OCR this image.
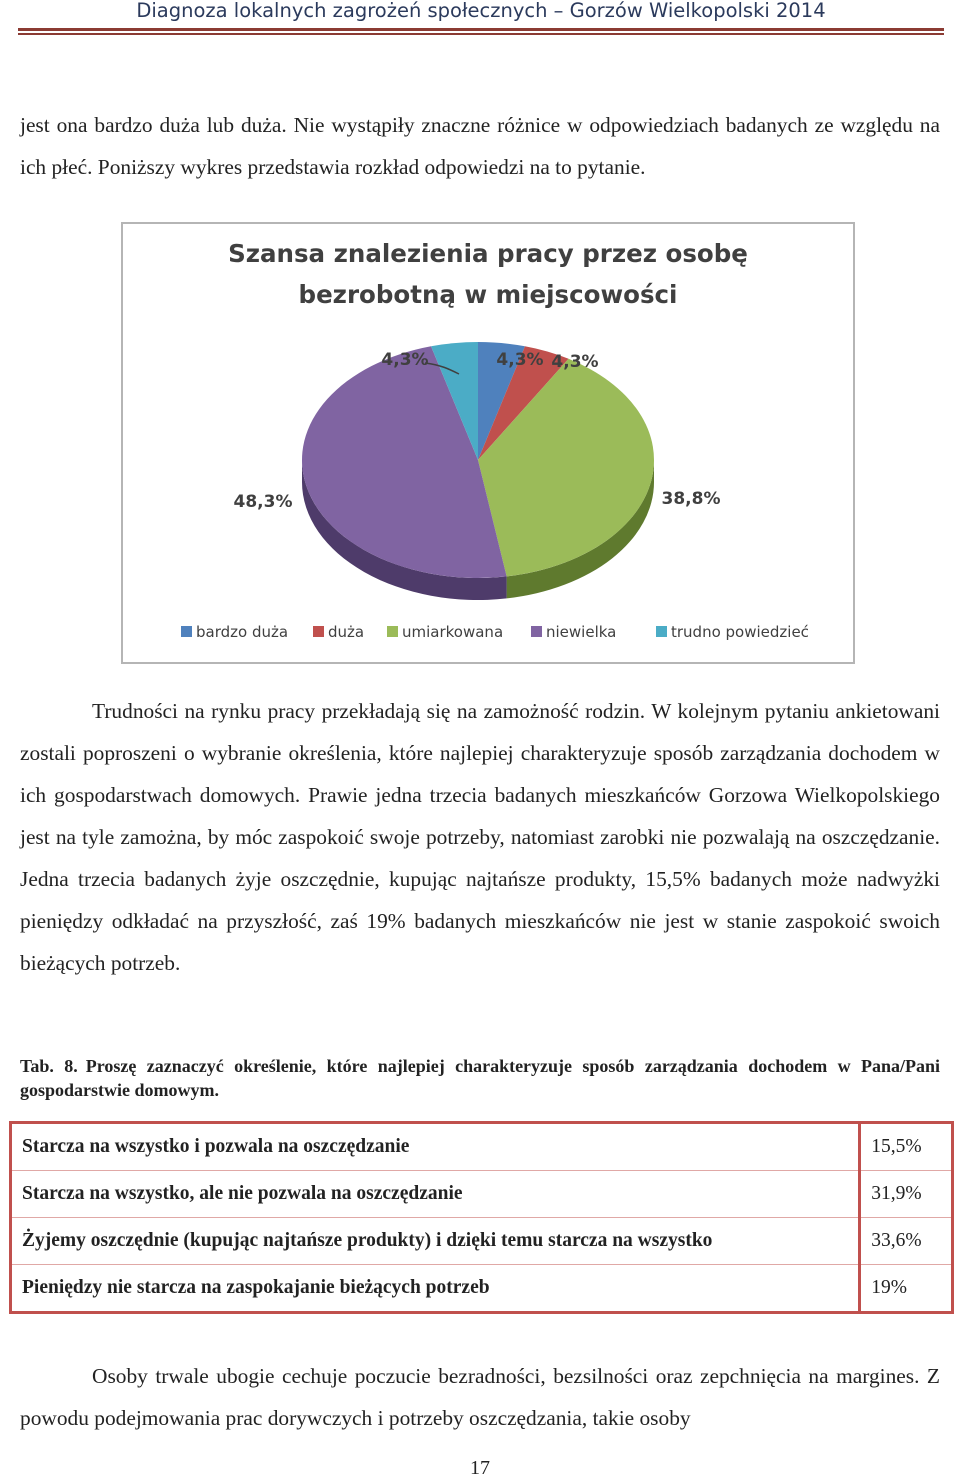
Diagnoza lokalnych zagrożeń społecznych – Gorzów Wielkopolski 2014

jest ona bardzo duża lub duża. Nie wystąpiły znaczne różnice w odpowiedziach badanych ze względu na ich płeć. Poniższy wykres przedstawia rozkład odpowiedzi na to pytanie.

Szansa znalezienia pracy przez osobę
bezrobotną w miejscowości
4,3% 4,3%
38,8%
48,3%
4,3%
bardzo duża	duża	umiarkowana	niewielka	trudno powiedzieć

Trudności na rynku pracy przekładają się na zamożność rodzin. W kolejnym pytaniu ankietowani zostali poproszeni o wybranie określenia, które najlepiej charakteryzuje sposób zarządzania dochodem w ich gospodarstwach domowych. Prawie jedna trzecia badanych mieszkańców Gorzowa Wielkopolskiego jest na tyle zamożna, by móc zaspokoić swoje potrzeby, natomiast zarobki nie pozwalają na oszczędzanie. Jedna trzecia badanych żyje oszczędnie, kupując najtańsze produkty, 15,5% badanych może nadwyżki pieniędzy odkładać na przyszłość, zaś 19% badanych mieszkańców nie jest w stanie zaspokoić swoich bieżących potrzeb.

Tab. 8. Proszę zaznaczyć określenie, które najlepiej charakteryzuje sposób zarządzania dochodem w Pana/Pani gospodarstwie domowym.

Starcza na wszystko i pozwala na oszczędzanie	15,5%
Starcza na wszystko, ale nie pozwala na oszczędzanie	31,9%
Żyjemy oszczędnie (kupując najtańsze produkty) i dzięki temu starcza na wszystko	33,6%
Pieniędzy nie starcza na zaspokajanie bieżących potrzeb	19%

Osoby trwale ubogie cechuje poczucie bezradności, bezsilności oraz zepchnięcia na margines. Z powodu podejmowania prac dorywczych i potrzeby oszczędzania, takie osoby

17
